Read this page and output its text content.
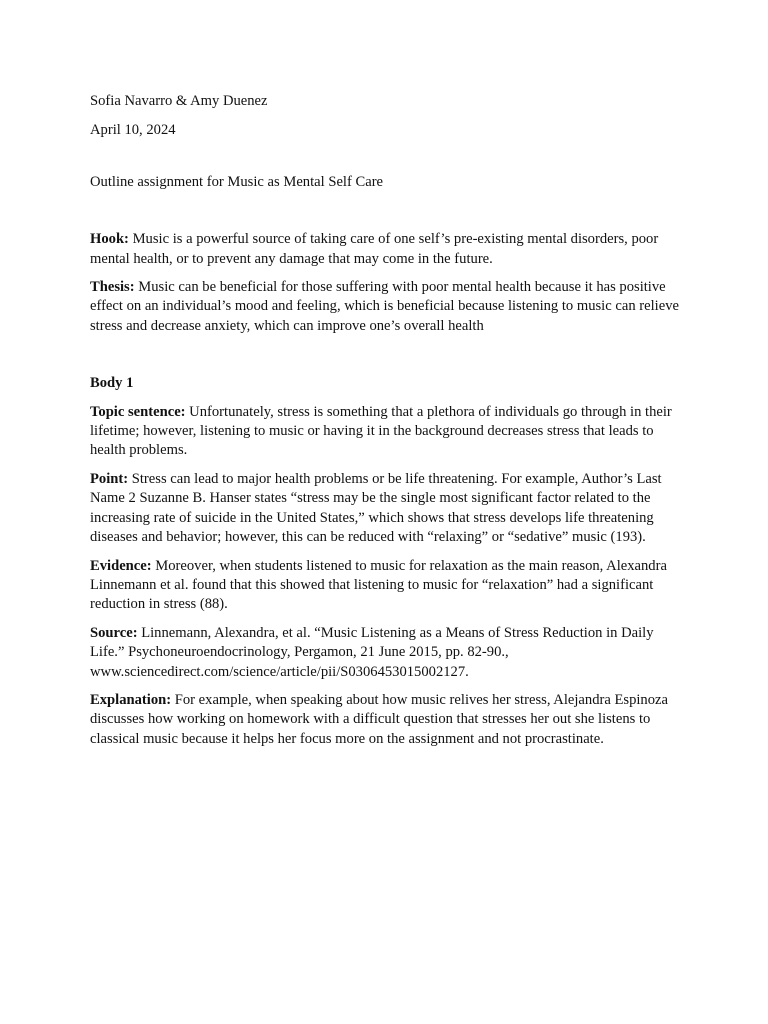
Sofia Navarro & Amy Duenez

April 10, 2024

Outline assignment for Music as Mental Self Care

Hook: Music is a powerful source of taking care of one self’s pre-existing mental disorders, poor mental health, or to prevent any damage that may come in the future.

Thesis: Music can be beneficial for those suffering with poor mental health because it has positive effect on an individual’s mood and feeling, which is beneficial because listening to music can relieve stress and decrease anxiety, which can improve one’s overall health

Body 1

Topic sentence: Unfortunately, stress is something that a plethora of individuals go through in their lifetime; however, listening to music or having it in the background decreases stress that leads to health problems.

Point: Stress can lead to major health problems or be life threatening. For example, Author’s Last Name 2 Suzanne B. Hanser states “stress may be the single most significant factor related to the increasing rate of suicide in the United States,” which shows that stress develops life threatening diseases and behavior; however, this can be reduced with “relaxing” or “sedative” music (193).

Evidence: Moreover, when students listened to music for relaxation as the main reason, Alexandra Linnemann et al. found that this showed that listening to music for “relaxation” had a significant reduction in stress (88).

Source: Linnemann, Alexandra, et al. “Music Listening as a Means of Stress Reduction in Daily Life.” Psychoneuroendocrinology, Pergamon, 21 June 2015, pp. 82-90., www.sciencedirect.com/science/article/pii/S0306453015002127.

Explanation: For example, when speaking about how music relives her stress, Alejandra Espinoza discusses how working on homework with a difficult question that stresses her out she listens to classical music because it helps her focus more on the assignment and not procrastinate.
